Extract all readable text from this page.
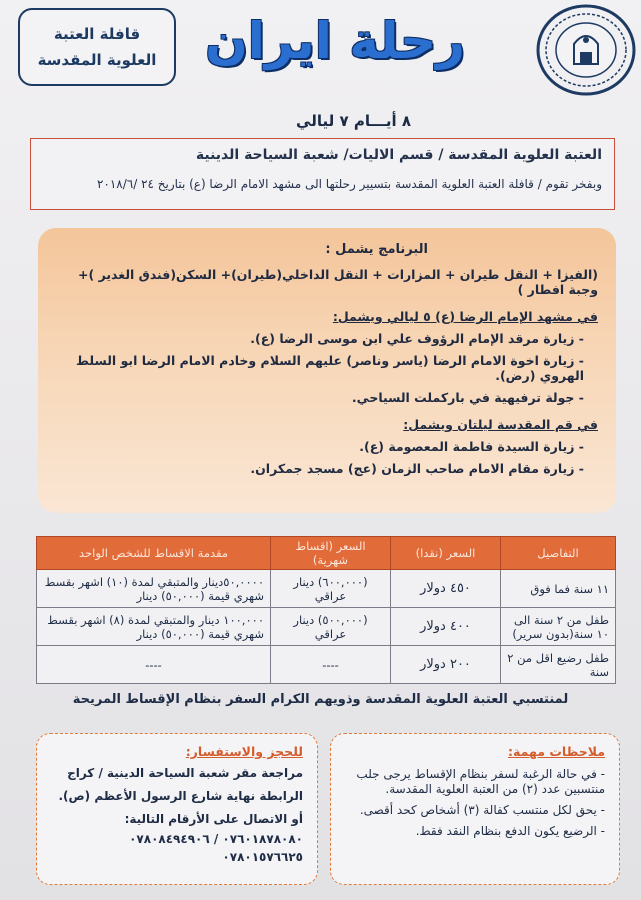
قافلة العتبة
العلوية المقدسة رحلة ايران
٨ أيـــام ٧ ليالي
العتبة العلوية المقدسة / قسم الاليات/ شعبة السياحة الدينية
وبفخر تقوم / قافلة العتبة العلوية المقدسة بتسيير رحلتها الى مشهد الامام الرضا (ع) بتاريخ ٢٤ /٢٠١٨/٦
البرنامج يشمل :
(الفيزا + النقل طيران + المزارات + النقل الداخلي(طيران)+ السكن(فندق الغدير )+ وجبة افطار )
في مشهد الإمام الرضا (ع) ٥ ليالي ويشمل:
- زيارة مرقد الإمام الرؤوف علي ابن موسى الرضا (ع).
- زيارة اخوة الامام الرضا (ياسر وناصر) عليهم السلام وخادم الامام الرضا ابو السلط الهروي (رض).
- جولة ترفيهية في باركملت السياحي.
في قم المقدسة ليلتان ويشمل:
- زيارة السيدة فاطمة المعصومة (ع).
- زيارة مقام الامام صاحب الزمان (عج) مسجد جمكران.
التفاصيل	السعر (نقدا)	السعر (اقساط شهرية)	مقدمة الاقساط للشخص الواحد
١١ سنة فما فوق	٤٥٠ دولار	(٦٠٠,٠٠٠) دينار عراقي	٥٠,٠٠٠٠دينار والمتبقي لمدة (١٠) اشهر بقسط شهري قيمة (٥٠,٠٠٠) دينار
طفل من ٢ سنة الى ١٠ سنة(بدون سرير)	٤٠٠ دولار	(٥٠٠,٠٠٠) دينار عراقي	١٠٠,٠٠٠ دينار والمتبقي لمدة (٨) اشهر بقسط شهري قيمة (٥٠,٠٠٠) دينار
طفل رضيع اقل من ٢ سنة	٢٠٠ دولار	----	----
لمنتسبي العتبة العلوية المقدسة وذويهم الكرام السفر بنظام الإقساط المريحة
ملاحظات مهمة:
- في حالة الرغبة لسفر بنظام الإقساط يرجى جلب منتسبين عدد (٢) من العتبة العلوية المقدسة.
- يحق لكل منتسب كفالة (٣) أشخاص كحد أقصى.
- الرضيع يكون الدفع بنظام النقد فقط.
للحجز والاستفسار:
مراجعة مقر شعبة السياحة الدينية / كراج
الرابطة نهاية شارع الرسول الأعظم (ص).
أو الاتصال على الأرقام التالية:
٠٧٦٠١٨٧٨٠٨٠ / ٠٧٨٠٨٤٩٤٩٠٦
٠٧٨٠١٥٧٦٦٢٥
